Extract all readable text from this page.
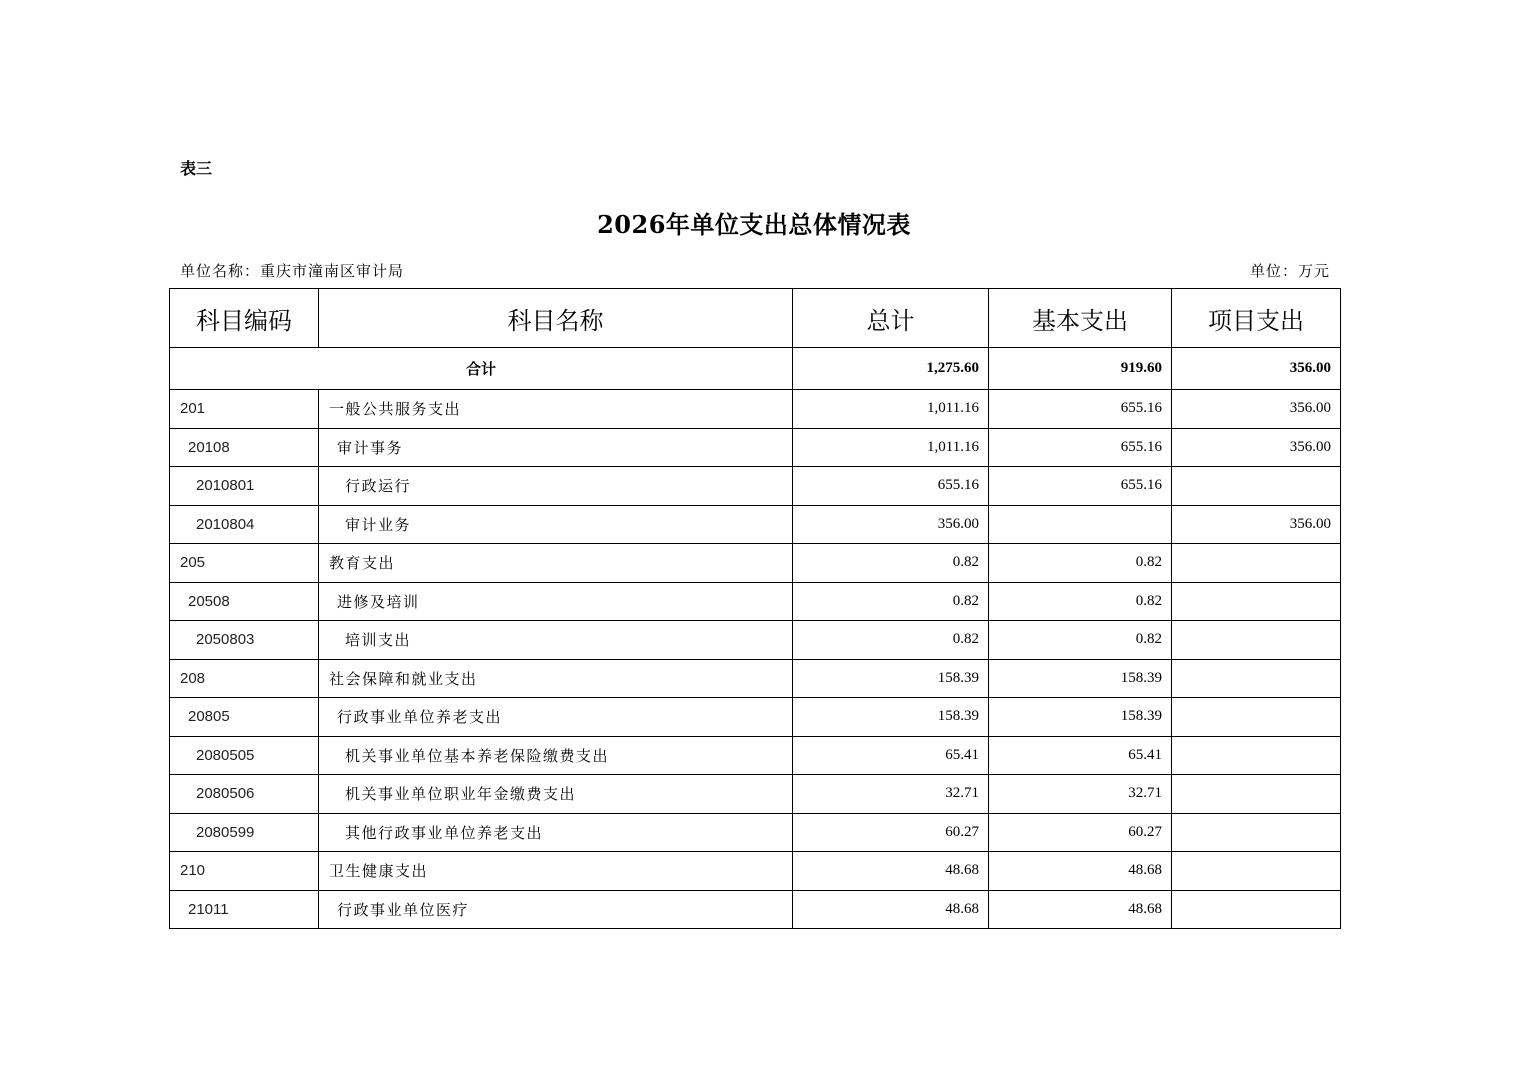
表三
2026年单位支出总体情况表
单位名称：重庆市潼南区审计局	单位：万元
科目编码	科目名称	总计	基本支出	项目支出
合计		1,275.60	919.60	356.00
201	一般公共服务支出	1,011.16	655.16	356.00
20108	审计事务	1,011.16	655.16	356.00
2010801	行政运行	655.16	655.16	
2010804	审计业务	356.00		356.00
205	教育支出	0.82	0.82	
20508	进修及培训	0.82	0.82	
2050803	培训支出	0.82	0.82	
208	社会保障和就业支出	158.39	158.39	
20805	行政事业单位养老支出	158.39	158.39	
2080505	机关事业单位基本养老保险缴费支出	65.41	65.41	
2080506	机关事业单位职业年金缴费支出	32.71	32.71	
2080599	其他行政事业单位养老支出	60.27	60.27	
210	卫生健康支出	48.68	48.68	
21011	行政事业单位医疗	48.68	48.68	
